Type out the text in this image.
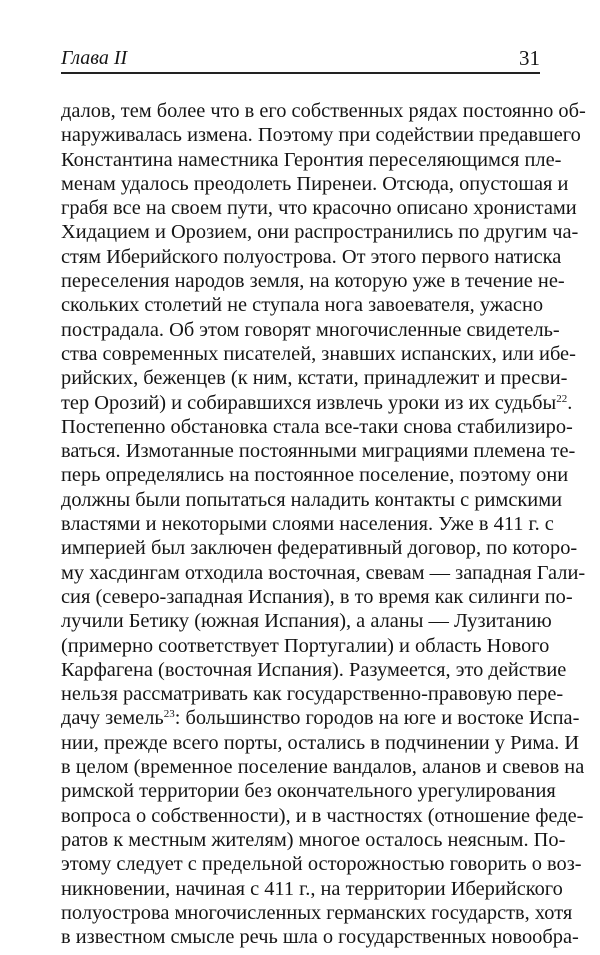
Глава II	31
далов, тем более что в его собственных рядах постоянно об-
наруживалась измена. Поэтому при содействии предавшего
Константина наместника Геронтия переселяющимся пле-
менам удалось преодолеть Пиренеи. Отсюда, опустошая и
грабя все на своем пути, что красочно описано хронистами
Хидацием и Орозием, они распространились по другим ча-
стям Иберийского полуострова. От этого первого натиска
переселения народов земля, на которую уже в течение не-
скольких столетий не ступала нога завоевателя, ужасно
пострадала. Об этом говорят многочисленные свидетель-
ства современных писателей, знавших испанских, или ибе-
рийских, беженцев (к ним, кстати, принадлежит и пресви-
тер Орозий) и собиравшихся извлечь уроки из их судьбы$^{22}$.
Постепенно обстановка стала все-таки снова стабилизиро-
ваться. Измотанные постоянными миграциями племена те-
перь определялись на постоянное поселение, поэтому они
должны были попытаться наладить контакты с римскими
властями и некоторыми слоями населения. Уже в 411 г. с
империей был заключен федеративный договор, по которо-
му хасдингам отходила восточная, свевам — западная Гали-
сия (северо-западная Испания), в то время как силинги по-
лучили Бетику (южная Испания), а аланы — Лузитанию
(примерно соответствует Португалии) и область Нового
Карфагена (восточная Испания). Разумеется, это действие
нельзя рассматривать как государственно-правовую пере-
дачу земель$^{23}$: большинство городов на юге и востоке Испа-
нии, прежде всего порты, остались в подчинении у Рима. И
в целом (временное поселение вандалов, аланов и свевов на
римской территории без окончательного урегулирования
вопроса о собственности), и в частностях (отношение феде-
ратов к местным жителям) многое осталось неясным. По-
этому следует с предельной осторожностью говорить о воз-
никновении, начиная с 411 г., на территории Иберийского
полуострова многочисленных германских государств, хотя
в известном смысле речь шла о государственных новообра-
